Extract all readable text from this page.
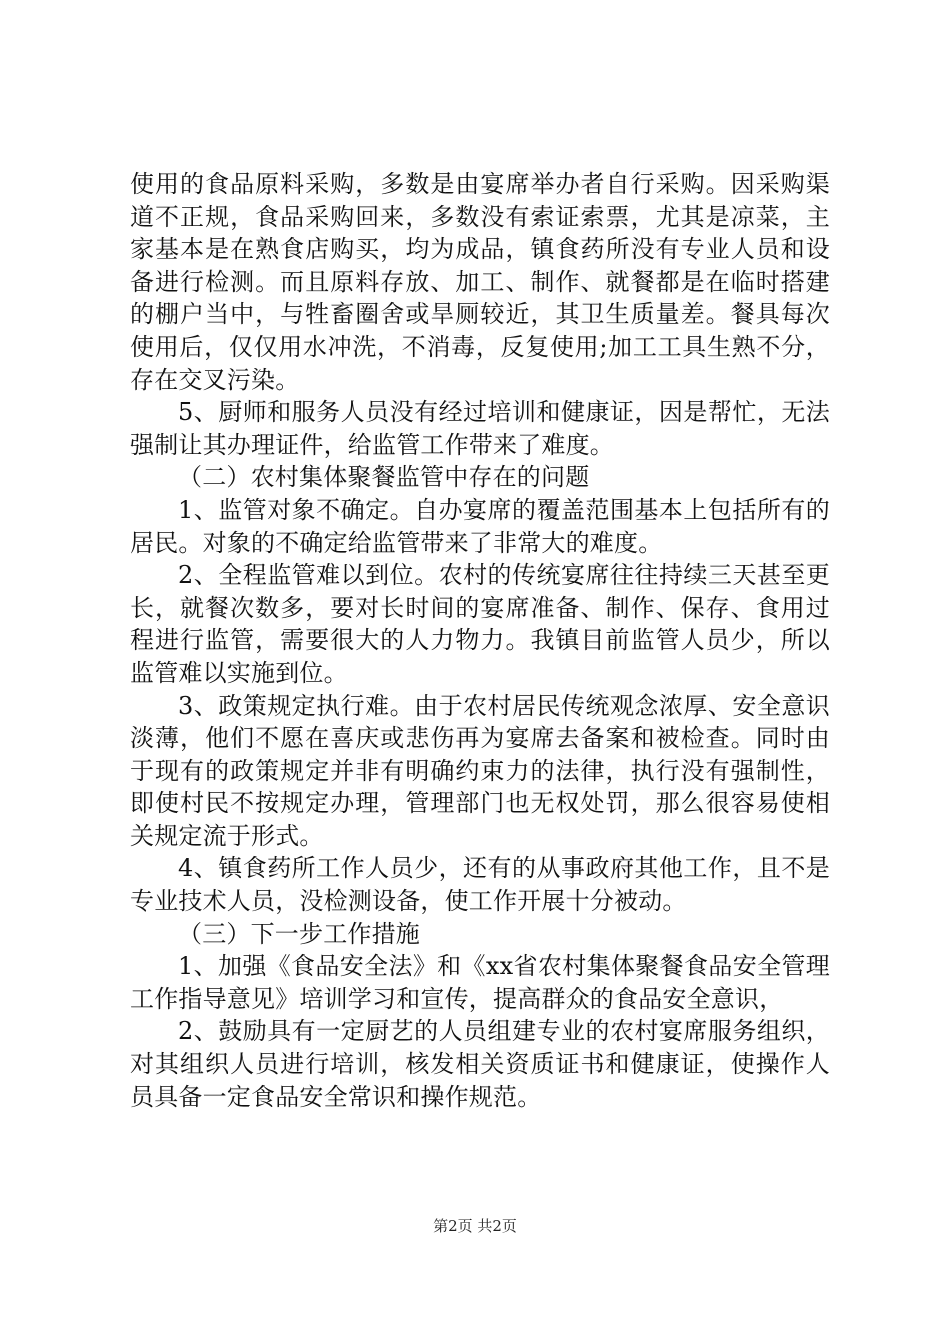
使用的食品原料采购，多数是由宴席举办者自行采购。因采购渠道不正规，食品采购回来，多数没有索证索票，尤其是凉菜，主家基本是在熟食店购买，均为成品，镇食药所没有专业人员和设备进行检测。而且原料存放、加工、制作、就餐都是在临时搭建的棚户当中，与牲畜圈舍或旱厕较近，其卫生质量差。餐具每次使用后，仅仅用水冲洗，不消毒，反复使用;加工工具生熟不分，存在交叉污染。

5、厨师和服务人员没有经过培训和健康证，因是帮忙，无法强制让其办理证件，给监管工作带来了难度。

（二）农村集体聚餐监管中存在的问题

1、监管对象不确定。自办宴席的覆盖范围基本上包括所有的居民。对象的不确定给监管带来了非常大的难度。

2、全程监管难以到位。农村的传统宴席往往持续三天甚至更长，就餐次数多，要对长时间的宴席准备、制作、保存、食用过程进行监管，需要很大的人力物力。我镇目前监管人员少，所以监管难以实施到位。

3、政策规定执行难。由于农村居民传统观念浓厚、安全意识淡薄，他们不愿在喜庆或悲伤再为宴席去备案和被检查。同时由于现有的政策规定并非有明确约束力的法律，执行没有强制性，即使村民不按规定办理，管理部门也无权处罚，那么很容易使相关规定流于形式。

4、镇食药所工作人员少，还有的从事政府其他工作，且不是专业技术人员，没检测设备，使工作开展十分被动。

（三）下一步工作措施

1、加强《食品安全法》和《xx省农村集体聚餐食品安全管理工作指导意见》培训学习和宣传，提高群众的食品安全意识，

2、鼓励具有一定厨艺的人员组建专业的农村宴席服务组织，对其组织人员进行培训，核发相关资质证书和健康证，使操作人员具备一定食品安全常识和操作规范。

第2页 共2页
